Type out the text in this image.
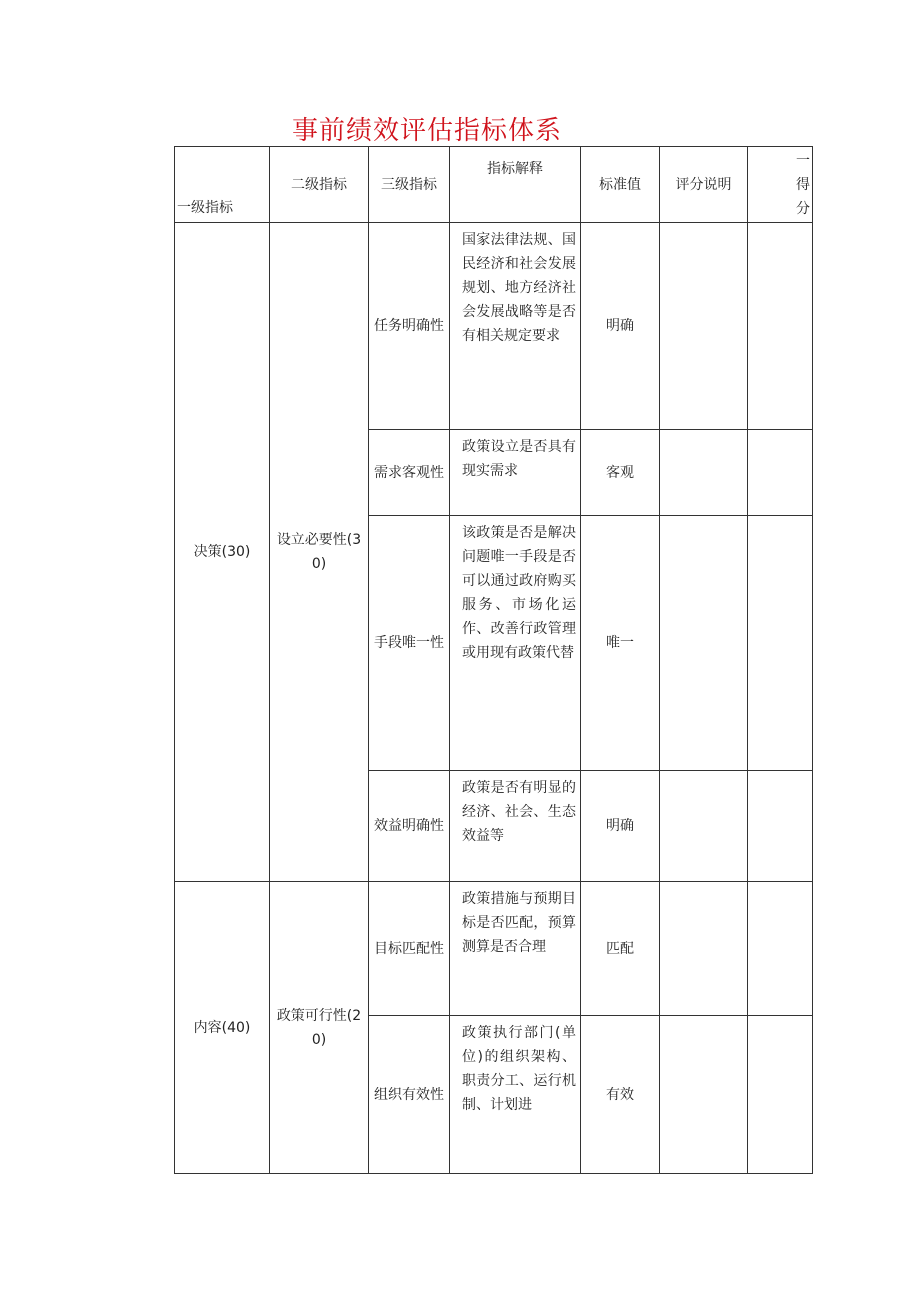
事前绩效评估指标体系
一级指标	二级指标	三级指标	指标解释	标准值	评分说明	一得分

决策(30)	设立必要性(30)	任务明确性	国家法律法规、国民经济和社会发展规划、地方经济社会发展战略等是否有相关规定要求	明确		

		需求客观性	政策设立是否具有现实需求	客观		

		手段唯一性	该政策是否是解决问题唯一手段是否可以通过政府购买服务、市场化运作、改善行政管理或用现有政策代替	唯一		

		效益明确性	政策是否有明显的经济、社会、生态效益等	明确		
内容(40)	政策可行性(20)	目标匹配性	政策措施与预期目标是否匹配，预算测算是否合理	匹配		

		组织有效性	政策执行部门(单位)的组织架构、职责分工、运行机制、计划进	有效		
